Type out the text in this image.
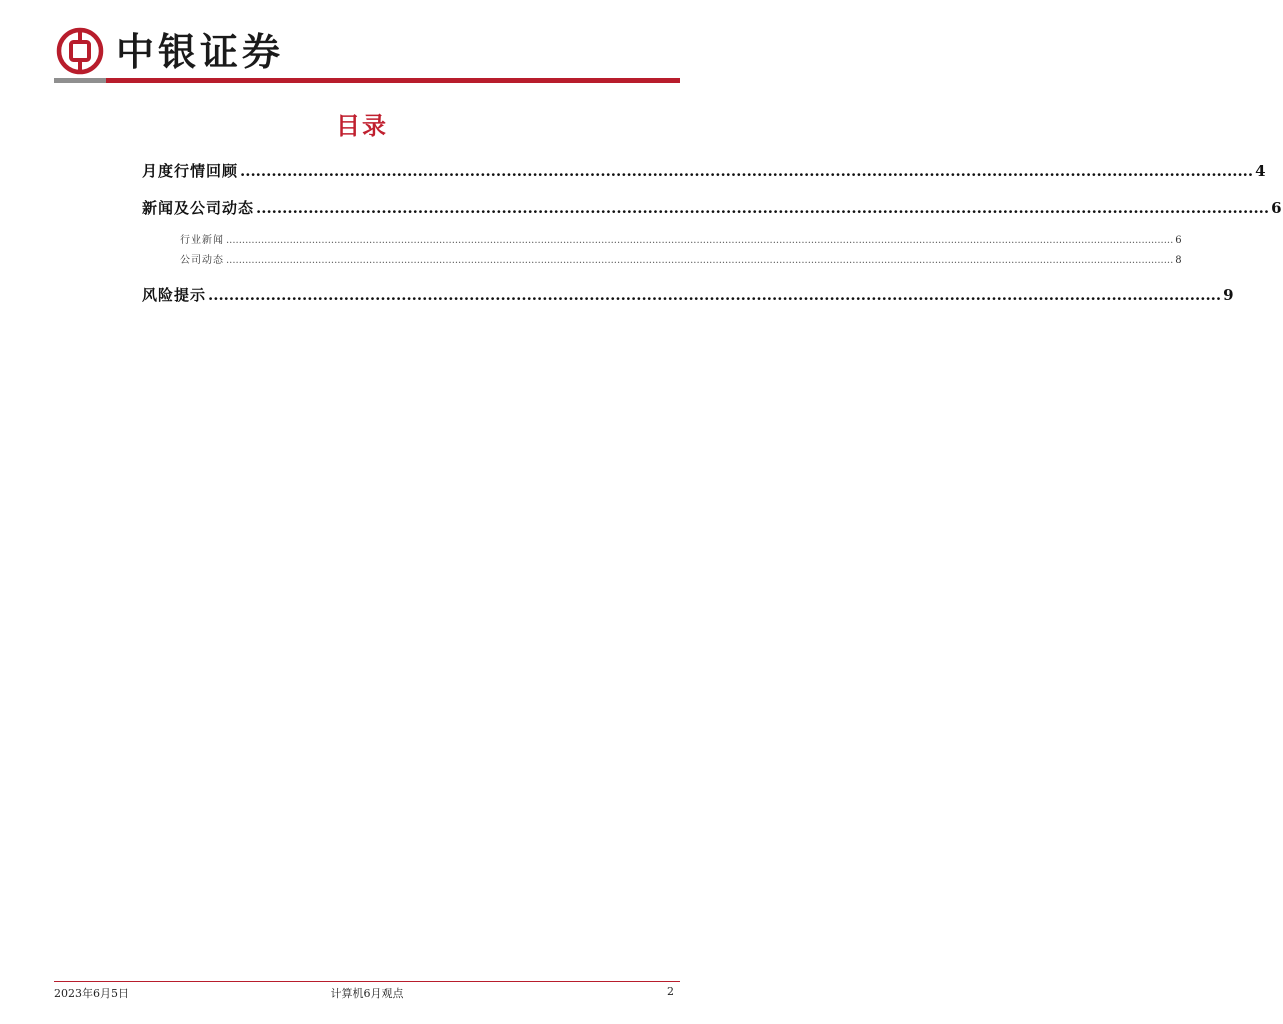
中银证券
目录
月度行情回顾 .................................................................................................................................................................................................. 4
新闻及公司动态 .................................................................................................................................................................................................. 6
行业新闻 .......................................................................................................................................................................................................................................................................................................... 6
公司动态 .......................................................................................................................................................................................................................................................................................................... 8
风险提示 .................................................................................................................................................................................................. 9
2023年6月5日	计算机6月观点	2
